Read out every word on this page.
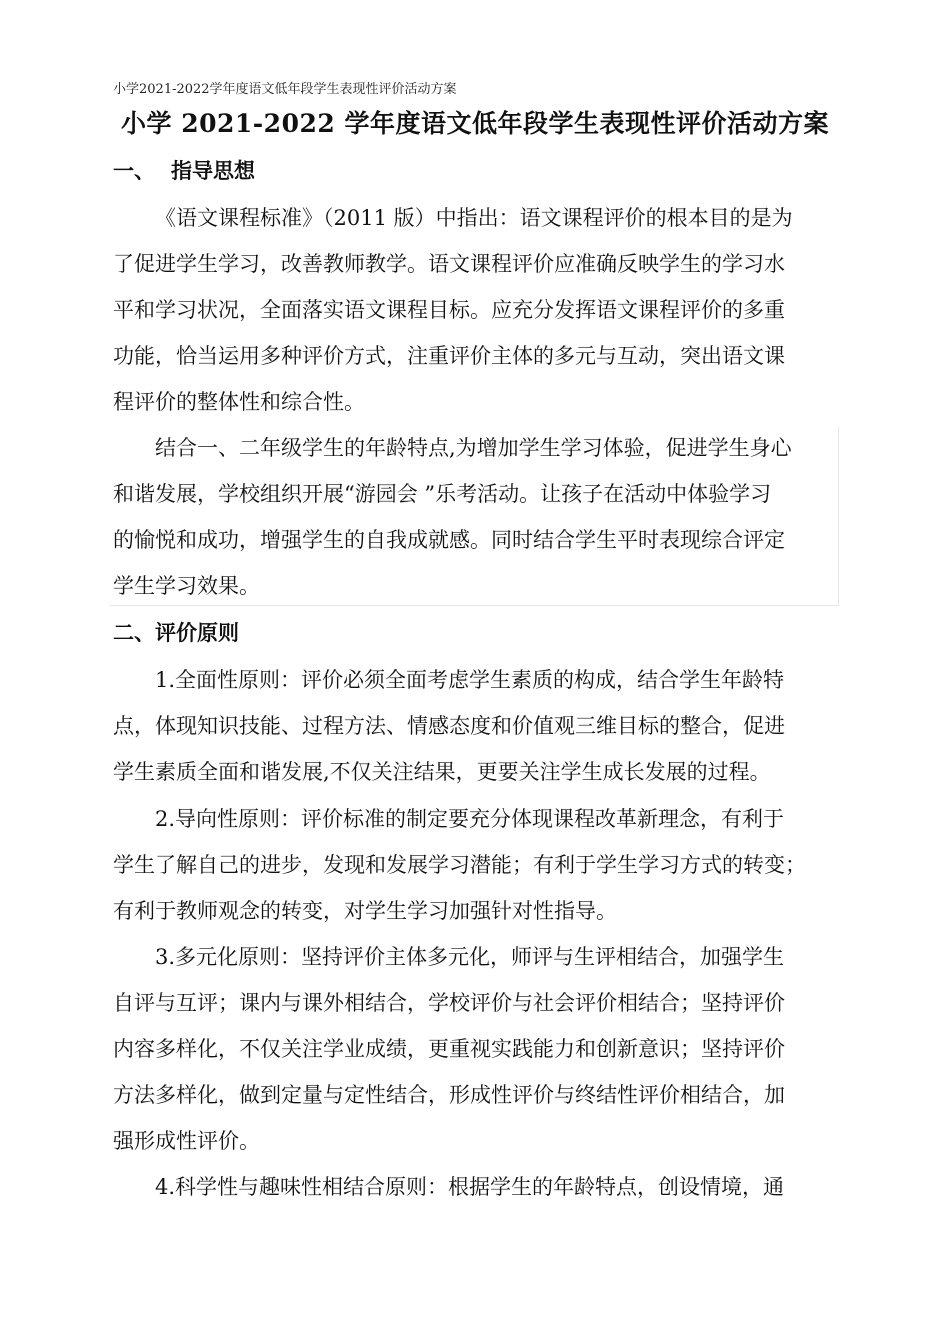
小学2021-2022学年度语文低年段学生表现性评价活动方案
小学 2021-2022 学年度语文低年段学生表现性评价活动方案
一、 指导思想
《语文课程标准》（2011 版）中指出：语文课程评价的根本目的是为
了促进学生学习，改善教师教学。语文课程评价应准确反映学生的学习水
平和学习状况，全面落实语文课程目标。应充分发挥语文课程评价的多重
功能，恰当运用多种评价方式，注重评价主体的多元与互动，突出语文课
程评价的整体性和综合性。
结合一、二年级学生的年龄特点,为增加学生学习体验，促进学生身心
和谐发展，学校组织开展“游园会 ”乐考活动。让孩子在活动中体验学习
的愉悦和成功，增强学生的自我成就感。同时结合学生平时表现综合评定
学生学习效果。
二、评价原则
1.全面性原则：评价必须全面考虑学生素质的构成，结合学生年龄特
点，体现知识技能、过程方法、情感态度和价值观三维目标的整合，促进
学生素质全面和谐发展,不仅关注结果，更要关注学生成长发展的过程。
2.导向性原则：评价标准的制定要充分体现课程改革新理念，有利于
学生了解自己的进步，发现和发展学习潜能；有利于学生学习方式的转变；
有利于教师观念的转变，对学生学习加强针对性指导。
3.多元化原则：坚持评价主体多元化，师评与生评相结合，加强学生
自评与互评；课内与课外相结合，学校评价与社会评价相结合；坚持评价
内容多样化，不仅关注学业成绩，更重视实践能力和创新意识；坚持评价
方法多样化，做到定量与定性结合，形成性评价与终结性评价相结合，加
强形成性评价。
4.科学性与趣味性相结合原则：根据学生的年龄特点，创设情境，通
